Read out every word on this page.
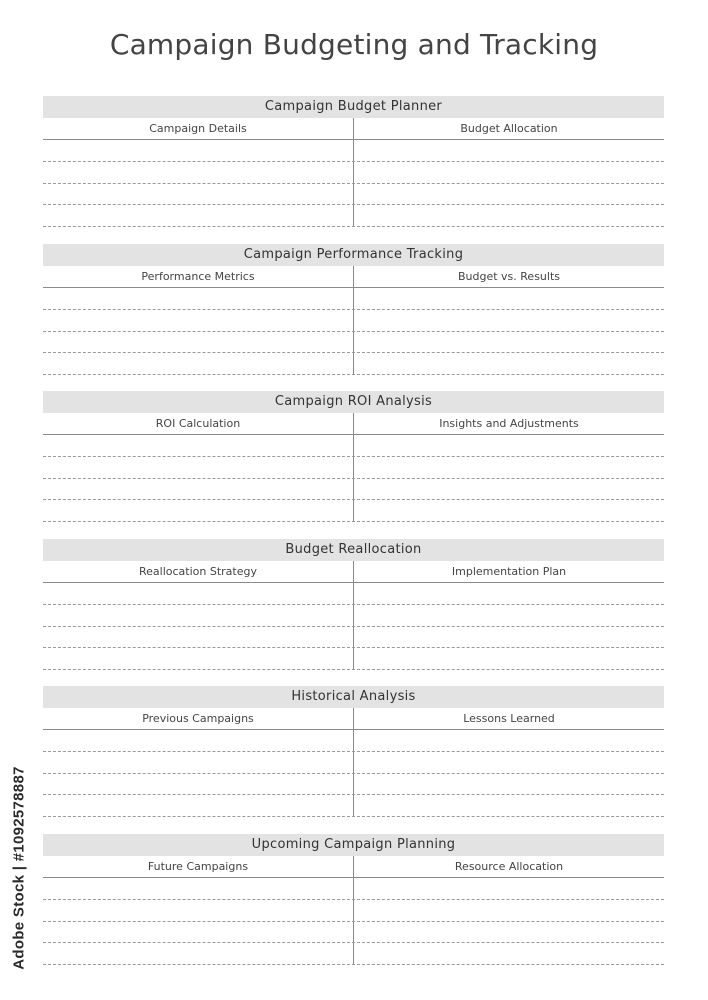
Campaign Budgeting and Tracking
Campaign Budget Planner
Campaign Details	Budget Allocation
Campaign Performance Tracking
Performance Metrics	Budget vs. Results
Campaign ROI Analysis
ROI Calculation	Insights and Adjustments
Budget Reallocation
Reallocation Strategy	Implementation Plan
Historical Analysis
Previous Campaigns	Lessons Learned
Upcoming Campaign Planning
Future Campaigns	Resource Allocation
Adobe Stock | #1092578887
